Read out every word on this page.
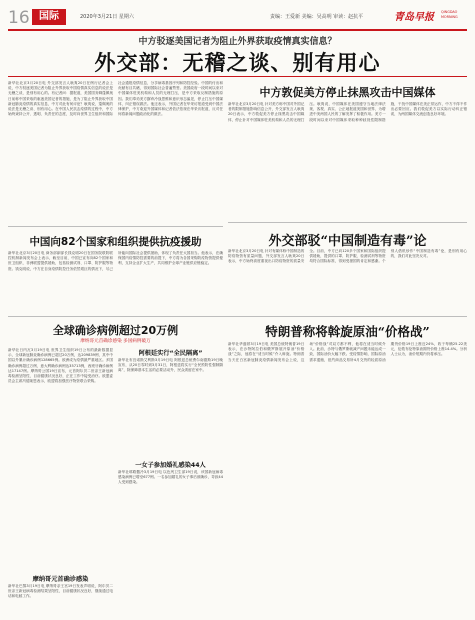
16 国际	2020年3月21日 星期六	责编：王爱新 美编：吴高明 审读：赵抗平	青岛早报 QINGDAO
MORNING
中方驳逐美国记者为阻止外界获取疫情真实信息？
外交部：无稽之谈、别有用心
新华社北京3月20日电 外交部发言人耿爽20日在例行记者会上说，中方驳逐美国记者为阻止外界获取中国疫情真实信息的说法是无稽之谈，是别有用心的。有记者问：据报道，美国国务卿蓬佩奥日前称中国采取的驱逐美国记者的措施，是为了阻止外界获取中国新冠肺炎疫情的真实信息，中方对此有何评论？耿爽说，蓬佩奥的说法是无稽之谈、别有用心。在中国人民抗击疫情的过程中，中方始终秉持公开、透明、负责任的态度，及时向世界卫生组织和国际社会通报疫情信息，分享病毒基因序列和防控经验。中国的付出和贡献有目共睹，得到国际社会普遍赞誉。美国政府一段时间以来对中国媒体驻美机构和人员的无理打压，是中方采取反制措施的原因。我们奉劝美方摒弃冷战思维和意识形态偏见，停止打压中国媒体，纠正错误做法。他还表示，外国记者在华采访报道受到中国法律保护，中方欢迎外国媒体和记者依法依规在华采访报道，反对任何将新闻问题政治化的做法。
中方敦促美方停止抹黑攻击中国媒体
新华社北京3月20日电 针对美方称中国对外国记者的限制措施影响信息公开，外交部发言人耿爽20日表示，中方敦促美方停止抹黑攻击中国媒体，停止针对中国媒体驻美机构和人员的无理打压。耿爽说，中国媒体在美国遵守当地法律法规，客观、真实、公正地报道美国和世界，为增进中美两国人民的了解发挥了积极作用。美方一段时间以来对中国媒体采取种种歧视性限制措施，干扰中国媒体在美正常运作，中方不得不作出必要回应。我们敦促美方以实际行动纠正错误，为两国媒体交流创造良好环境。
中国向82个国家和组织提供抗疫援助
新华社北京3月20日电 商务部副部长钱克明20日在国务院联防联控机制新闻发布会上表示，截至目前，中国已宣布向82个国家和世卫组织、非洲联盟提供援助，包括检测试剂、口罩、防护服等物资。钱克明说，中方在自身疫情防控任务依然艰巨的情况下，尽己所能向国际社会提供援助，体现了负责任大国担当。他表示，在确保国内疫情防控需要的前提下，中方将为各国采购防疫物资提供便利，支持企业扩大生产，共同维护全球产业链供应链稳定。
外交部驳“中国制造有毒”论
新华社北京3月20日电 针对有媒体称中国制造的防疫物资有质量问题，外交部发言人耿爽20日表示，中方始终高度重视出口防疫物资的质量安全。目前，中方已向120多个国家和国际组织提供援助，提供的口罩、防护服、检测试剂等物资均符合国际标准，得到受援国的肯定和感谢。个别人借机炒作“中国制造有毒”论，是别有用心的，我们对此坚决反对。
全球确诊病例超过20万例
摩纳哥元首确诊感染 多国病例破万
新华社日内瓦3月19日电 世界卫生组织19日公布的最新数据显示，全球新冠肺炎确诊病例已超过20万例，达209839例，其中中国以外累计确诊病例128665例。欧洲成为疫情最严重地区。多国确诊病例超过万例，意大利确诊病例达35713例，西班牙确诊病例达17147例。摩纳哥公国19日宣布，元首阿尔贝二世亲王新冠病毒检测呈阳性，目前健康状况良好，正在工作中接受治疗。欧盟委员会主席冯德莱恩表示，欧盟将加强医疗物资联合采购。
阿根廷实行“全民隔离”
新华社布宜诺斯艾利斯3月19日电 阿根廷总统费尔南德斯19日晚宣布，从20日零时到3月31日，阿根廷将实行“全民预防性强制隔离”，除保障基本生活的必要活动外，民众须留在家中。
一女子参加婚礼感染44人
新华社耶路撒冷3月19日电 以色列卫生部19日说，该国新冠病毒感染病例已增至677例。一名参加婚礼的女子事后被确诊，导致44人受到感染。
摩纳哥元首确诊感染
新华社巴黎3月19日电 摩纳哥亲王宫19日发表声明说，阿尔贝二世亲王新冠病毒检测结果呈阳性，目前健康状况良好，继续通过电话和电邮工作。
特朗普称将斡旋原油“价格战”
新华社华盛顿3月19日电 美国总统特朗普19日表示，在沙特阿拉伯和俄罗斯展开原油“价格战”之际，他将在“适当时候”介入斡旋。特朗普当天在白宫新冠肺炎疫情新闻发布会上说，这场“价格战”对双方都不利，他将在适当时候介入。此前，沙特与俄罗斯就减产问题未能达成一致，国际油价大幅下跌。受疫情影响，国际原油需求萎缩，纽约商品交易所4月交货的轻质原油期货价格19日上涨近24%，收于每桶25.22美元，伦敦布伦特原油期货价格上涨14.4%。分析人士认为，油价短期内仍将承压。
